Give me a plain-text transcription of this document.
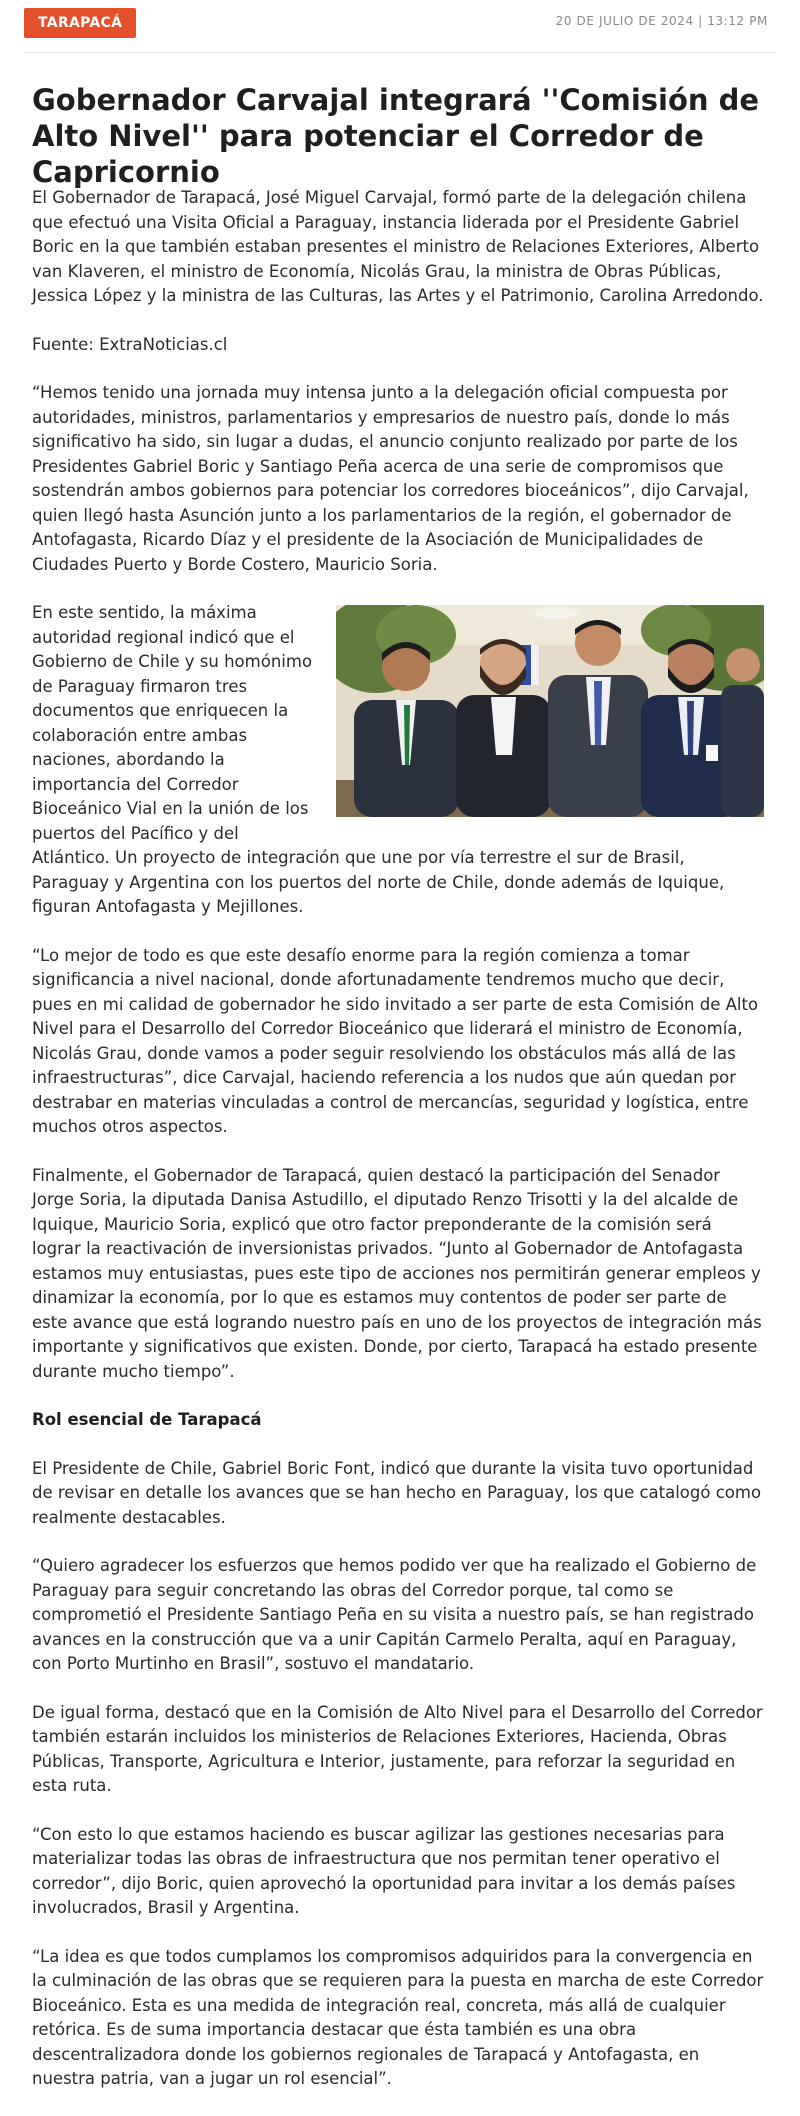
TARAPACÁ	20 DE JULIO DE 2024 | 13:12 PM
Gobernador Carvajal integrará ''Comisión de Alto Nivel'' para potenciar el Corredor de Capricornio

El Gobernador de Tarapacá, José Miguel Carvajal, formó parte de la delegación chilena que efectuó una Visita Oficial a Paraguay, instancia liderada por el Presidente Gabriel Boric en la que también estaban presentes el ministro de Relaciones Exteriores, Alberto van Klaveren, el ministro de Economía, Nicolás Grau, la ministra de Obras Públicas, Jessica López y la ministra de las Culturas, las Artes y el Patrimonio, Carolina Arredondo.

Fuente: ExtraNoticias.cl

“Hemos tenido una jornada muy intensa junto a la delegación oficial compuesta por autoridades, ministros, parlamentarios y empresarios de nuestro país, donde lo más significativo ha sido, sin lugar a dudas, el anuncio conjunto realizado por parte de los Presidentes Gabriel Boric y Santiago Peña acerca de una serie de compromisos que sostendrán ambos gobiernos para potenciar los corredores bioceánicos”, dijo Carvajal, quien llegó hasta Asunción junto a los parlamentarios de la región, el gobernador de Antofagasta, Ricardo Díaz y el presidente de la Asociación de Municipalidades de Ciudades Puerto y Borde Costero, Mauricio Soria.

En este sentido, la máxima autoridad regional indicó que el Gobierno de Chile y su homónimo de Paraguay firmaron tres documentos que enriquecen la colaboración entre ambas naciones, abordando la importancia del Corredor Bioceánico Vial en la unión de los puertos del Pacífico y del Atlántico. Un proyecto de integración que une por vía terrestre el sur de Brasil, Paraguay y Argentina con los puertos del norte de Chile, donde además de Iquique, figuran Antofagasta y Mejillones.

“Lo mejor de todo es que este desafío enorme para la región comienza a tomar significancia a nivel nacional, donde afortunadamente tendremos mucho que decir, pues en mi calidad de gobernador he sido invitado a ser parte de esta Comisión de Alto Nivel para el Desarrollo del Corredor Bioceánico que liderará el ministro de Economía, Nicolás Grau, donde vamos a poder seguir resolviendo los obstáculos más allá de las infraestructuras”, dice Carvajal, haciendo referencia a los nudos que aún quedan por destrabar en materias vinculadas a control de mercancías, seguridad y logística, entre muchos otros aspectos.

Finalmente, el Gobernador de Tarapacá, quien destacó la participación del Senador Jorge Soria, la diputada Danisa Astudillo, el diputado Renzo Trisotti y la del alcalde de Iquique, Mauricio Soria, explicó que otro factor preponderante de la comisión será lograr la reactivación de inversionistas privados. “Junto al Gobernador de Antofagasta estamos muy entusiastas, pues este tipo de acciones nos permitirán generar empleos y dinamizar la economía, por lo que es estamos muy contentos de poder ser parte de este avance que está logrando nuestro país en uno de los proyectos de integración más importante y significativos que existen. Donde, por cierto, Tarapacá ha estado presente durante mucho tiempo”.

Rol esencial de Tarapacá

El Presidente de Chile, Gabriel Boric Font, indicó que durante la visita tuvo oportunidad de revisar en detalle los avances que se han hecho en Paraguay, los que catalogó como realmente destacables.

“Quiero agradecer los esfuerzos que hemos podido ver que ha realizado el Gobierno de Paraguay para seguir concretando las obras del Corredor porque, tal como se comprometió el Presidente Santiago Peña en su visita a nuestro país, se han registrado avances en la construcción que va a unir Capitán Carmelo Peralta, aquí en Paraguay, con Porto Murtinho en Brasil”, sostuvo el mandatario.

De igual forma, destacó que en la Comisión de Alto Nivel para el Desarrollo del Corredor también estarán incluidos los ministerios de Relaciones Exteriores, Hacienda, Obras Públicas, Transporte, Agricultura e Interior, justamente, para reforzar la seguridad en esta ruta.

“Con esto lo que estamos haciendo es buscar agilizar las gestiones necesarias para materializar todas las obras de infraestructura que nos permitan tener operativo el corredor”, dijo Boric, quien aprovechó la oportunidad para invitar a los demás países involucrados, Brasil y Argentina.

“La idea es que todos cumplamos los compromisos adquiridos para la convergencia en la culminación de las obras que se requieren para la puesta en marcha de este Corredor Bioceánico. Esta es una medida de integración real, concreta, más allá de cualquier retórica. Es de suma importancia destacar que ésta también es una obra descentralizadora donde los gobiernos regionales de Tarapacá y Antofagasta, en nuestra patria, van a jugar un rol esencial”.
